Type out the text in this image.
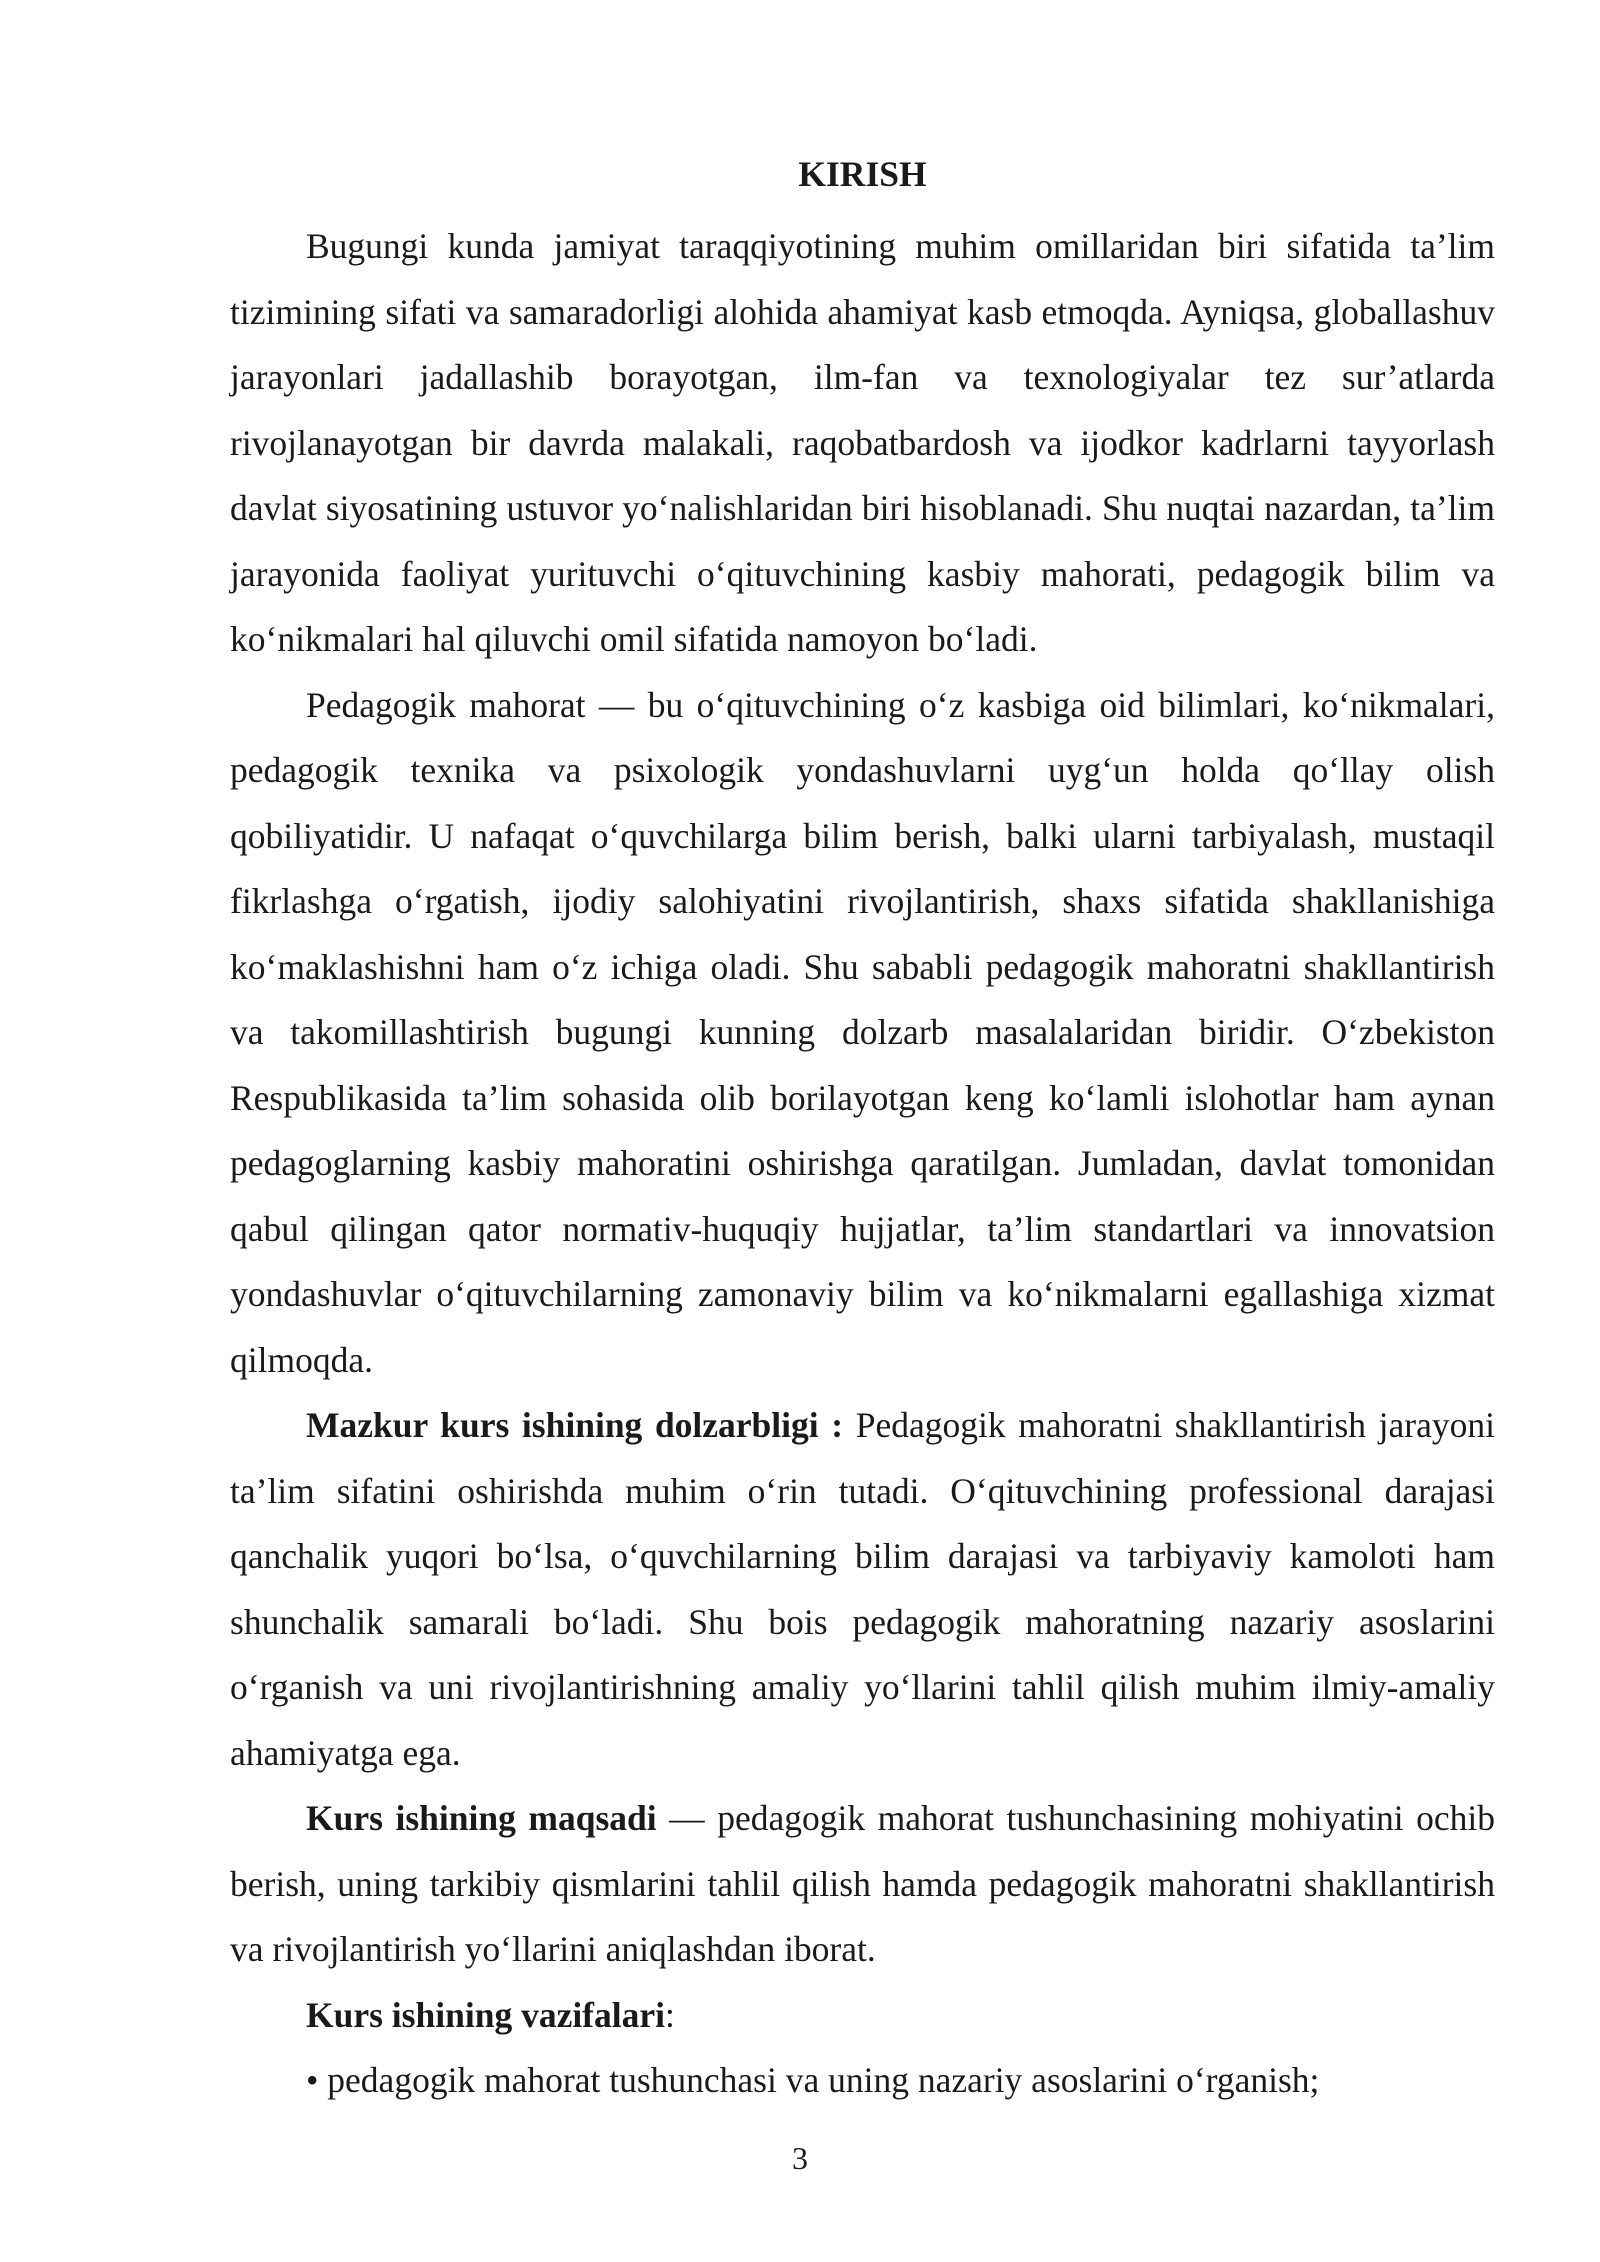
KIRISH

Bugungi kunda jamiyat taraqqiyotining muhim omillaridan biri sifatida ta’lim tizimining sifati va samaradorligi alohida ahamiyat kasb etmoqda. Ayniqsa, globallashuv jarayonlari jadallashib borayotgan, ilm-fan va texnologiyalar tez sur’atlarda rivojlanayotgan bir davrda malakali, raqobatbardosh va ijodkor kadrlarni tayyorlash davlat siyosatining ustuvor yo‘nalishlaridan biri hisoblanadi. Shu nuqtai nazardan, ta’lim jarayonida faoliyat yurituvchi o‘qituvchining kasbiy mahorati, pedagogik bilim va ko‘nikmalari hal qiluvchi omil sifatida namoyon bo‘ladi.

Pedagogik mahorat — bu o‘qituvchining o‘z kasbiga oid bilimlari, ko‘nikmalari, pedagogik texnika va psixologik yondashuvlarni uyg‘un holda qo‘llay olish qobiliyatidir. U nafaqat o‘quvchilarga bilim berish, balki ularni tarbiyalash, mustaqil fikrlashga o‘rgatish, ijodiy salohiyatini rivojlantirish, shaxs sifatida shakllanishiga ko‘maklashishni ham o‘z ichiga oladi. Shu sababli pedagogik mahoratni shakllantirish va takomillashtirish bugungi kunning dolzarb masalalaridan biridir. O‘zbekiston Respublikasida ta’lim sohasida olib borilayotgan keng ko‘lamli islohotlar ham aynan pedagoglarning kasbiy mahoratini oshirishga qaratilgan. Jumladan, davlat tomonidan qabul qilingan qator normativ-huquqiy hujjatlar, ta’lim standartlari va innovatsion yondashuvlar o‘qituvchilarning zamonaviy bilim va ko‘nikmalarni egallashiga xizmat qilmoqda.

Mazkur kurs ishining dolzarbligi : Pedagogik mahoratni shakllantirish jarayoni ta’lim sifatini oshirishda muhim o‘rin tutadi. O‘qituvchining professional darajasi qanchalik yuqori bo‘lsa, o‘quvchilarning bilim darajasi va tarbiyaviy kamoloti ham shunchalik samarali bo‘ladi. Shu bois pedagogik mahoratning nazariy asoslarini o‘rganish va uni rivojlantirishning amaliy yo‘llarini tahlil qilish muhim ilmiy-amaliy ahamiyatga ega.

Kurs ishining maqsadi — pedagogik mahorat tushunchasining mohiyatini ochib berish, uning tarkibiy qismlarini tahlil qilish hamda pedagogik mahoratni shakllantirish va rivojlantirish yo‘llarini aniqlashdan iborat.

Kurs ishining vazifalari:

• pedagogik mahorat tushunchasi va uning nazariy asoslarini o‘rganish;

3
